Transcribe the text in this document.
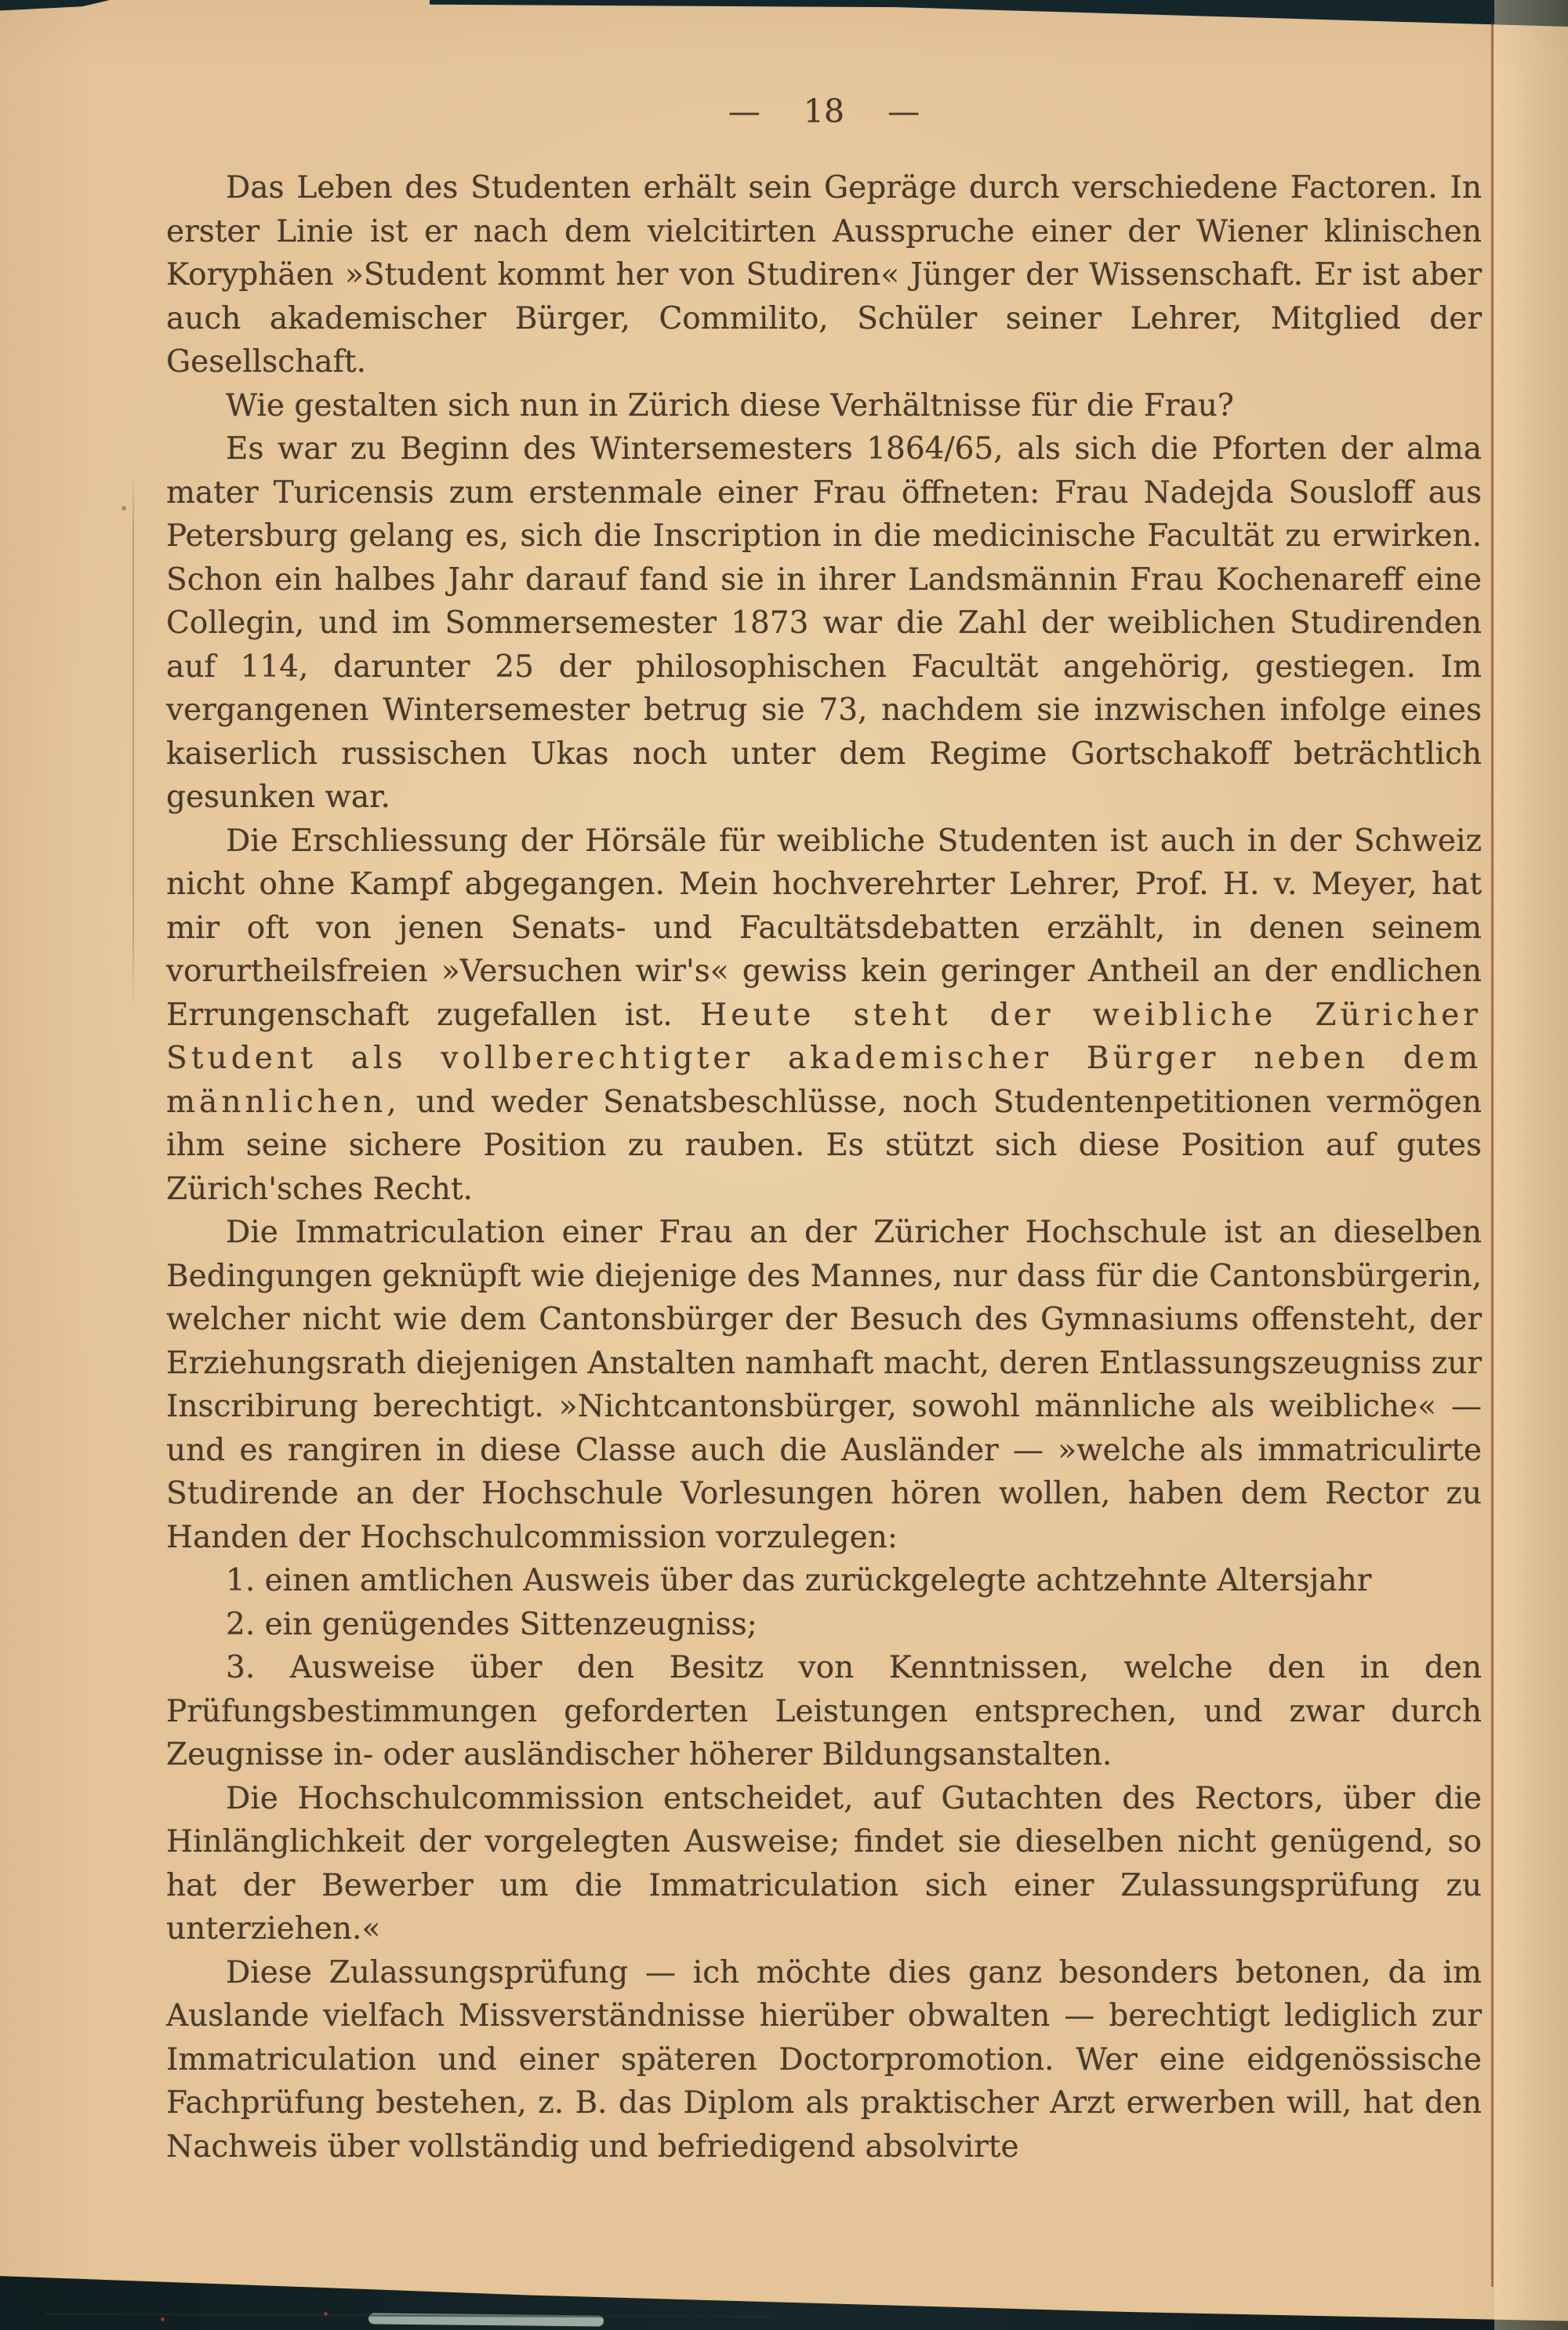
— 18 —

Das Leben des Studenten erhält sein Gepräge durch verschiedene Factoren. In erster Linie ist er nach dem vielcitirten Ausspruche einer der Wiener klinischen Koryphäen »Student kommt her von Studiren« Jünger der Wissenschaft. Er ist aber auch akademischer Bürger, Commilito, Schüler seiner Lehrer, Mitglied der Gesellschaft.

Wie gestalten sich nun in Zürich diese Verhältnisse für die Frau?

Es war zu Beginn des Wintersemesters 1864/65, als sich die Pforten der alma mater Turicensis zum erstenmale einer Frau öffneten: Frau Nadejda Sousloff aus Petersburg gelang es, sich die Inscription in die medicinische Facultät zu erwirken. Schon ein halbes Jahr darauf fand sie in ihrer Landsmännin Frau Kochenareff eine Collegin, und im Sommersemester 1873 war die Zahl der weiblichen Studirenden auf 114, darunter 25 der philosophischen Facultät angehörig, gestiegen. Im vergangenen Wintersemester betrug sie 73, nachdem sie inzwischen infolge eines kaiserlich russischen Ukas noch unter dem Regime Gortschakoff beträchtlich gesunken war.

Die Erschliessung der Hörsäle für weibliche Studenten ist auch in der Schweiz nicht ohne Kampf abgegangen. Mein hochverehrter Lehrer, Prof. H. v. Meyer, hat mir oft von jenen Senats- und Facultätsdebatten erzählt, in denen seinem vorurtheilsfreien »Versuchen wir's« gewiss kein geringer Antheil an der endlichen Errungenschaft zugefallen ist. Heute steht der weibliche Züricher Student als vollberechtigter akademischer Bürger neben dem männlichen, und weder Senatsbeschlüsse, noch Studentenpetitionen vermögen ihm seine sichere Position zu rauben. Es stützt sich diese Position auf gutes Zürich'sches Recht.

Die Immatriculation einer Frau an der Züricher Hochschule ist an dieselben Bedingungen geknüpft wie diejenige des Mannes, nur dass für die Cantonsbürgerin, welcher nicht wie dem Cantonsbürger der Besuch des Gymnasiums offensteht, der Erziehungsrath diejenigen Anstalten namhaft macht, deren Entlassungszeugniss zur Inscribirung berechtigt. »Nichtcantonsbürger, sowohl männliche als weibliche« — und es rangiren in diese Classe auch die Ausländer — »welche als immatriculirte Studirende an der Hochschule Vorlesungen hören wollen, haben dem Rector zu Handen der Hochschulcommission vorzulegen:

1. einen amtlichen Ausweis über das zurückgelegte achtzehnte Altersjahr

2. ein genügendes Sittenzeugniss;

3. Ausweise über den Besitz von Kenntnissen, welche den in den Prüfungsbestimmungen geforderten Leistungen entsprechen, und zwar durch Zeugnisse in- oder ausländischer höherer Bildungsanstalten.

Die Hochschulcommission entscheidet, auf Gutachten des Rectors, über die Hinlänglichkeit der vorgelegten Ausweise; findet sie dieselben nicht genügend, so hat der Bewerber um die Immatriculation sich einer Zulassungsprüfung zu unterziehen.«

Diese Zulassungsprüfung — ich möchte dies ganz besonders betonen, da im Auslande vielfach Missverständnisse hierüber obwalten — berechtigt lediglich zur Immatriculation und einer späteren Doctorpromotion. Wer eine eidgenössische Fachprüfung bestehen, z. B. das Diplom als praktischer Arzt erwerben will, hat den Nachweis über vollständig und befriedigend absolvirte
